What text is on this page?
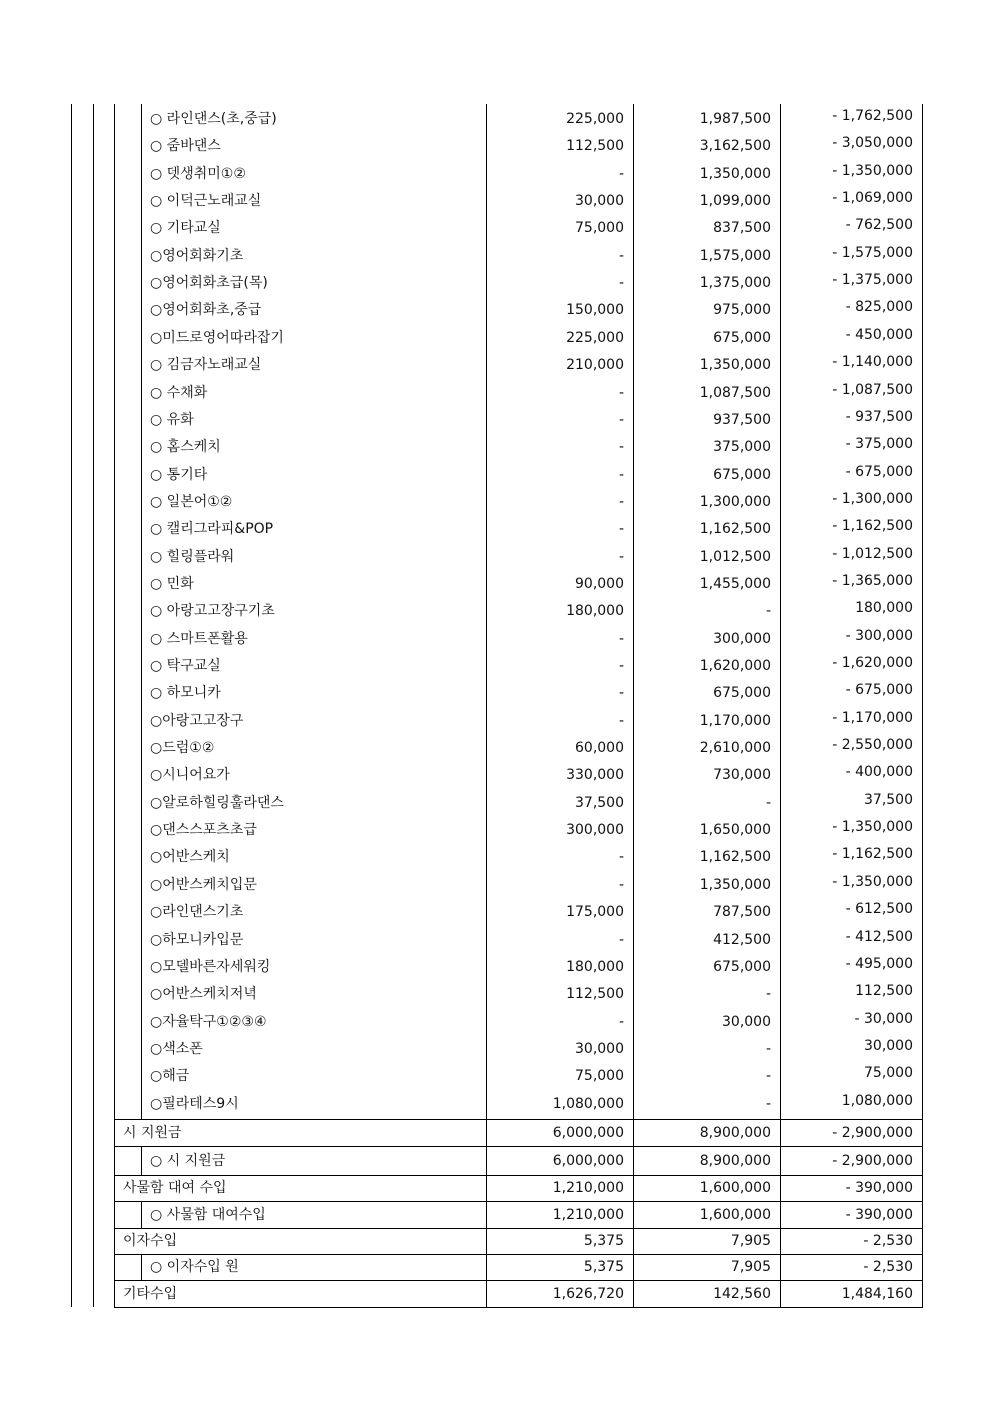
○ 라인댄스(초,중급)	225,000	1,987,500	- 1,762,500
○ 줌바댄스	112,500	3,162,500	- 3,050,000
○ 뎃생취미①②	-	1,350,000	- 1,350,000
○ 이덕근노래교실	30,000	1,099,000	- 1,069,000
○ 기타교실	75,000	837,500	- 762,500
○영어회화기초	-	1,575,000	- 1,575,000
○영어회화초급(목)	-	1,375,000	- 1,375,000
○영어회화초,중급	150,000	975,000	- 825,000
○미드로영어따라잡기	225,000	675,000	- 450,000
○ 김금자노래교실	210,000	1,350,000	- 1,140,000
○ 수채화	-	1,087,500	- 1,087,500
○ 유화	-	937,500	- 937,500
○ 홈스케치	-	375,000	- 375,000
○ 통기타	-	675,000	- 675,000
○ 일본어①②	-	1,300,000	- 1,300,000
○ 캘리그라피&POP	-	1,162,500	- 1,162,500
○ 힐링플라워	-	1,012,500	- 1,012,500
○ 민화	90,000	1,455,000	- 1,365,000
○ 아랑고고장구기초	180,000	-	180,000
○ 스마트폰활용	-	300,000	- 300,000
○ 탁구교실	-	1,620,000	- 1,620,000
○ 하모니카	-	675,000	- 675,000
○아랑고고장구	-	1,170,000	- 1,170,000
○드럼①②	60,000	2,610,000	- 2,550,000
○시니어요가	330,000	730,000	- 400,000
○알로하힐링훌라댄스	37,500	-	37,500
○댄스스포츠초급	300,000	1,650,000	- 1,350,000
○어반스케치	-	1,162,500	- 1,162,500
○어반스케치입문	-	1,350,000	- 1,350,000
○라인댄스기초	175,000	787,500	- 612,500
○하모니카입문	-	412,500	- 412,500
○모델바른자세워킹	180,000	675,000	- 495,000
○어반스케치저녁	112,500	-	112,500
○자율탁구①②③④	-	30,000	- 30,000
○색소폰	30,000	-	30,000
○해금	75,000	-	75,000
○필라테스9시	1,080,000	-	1,080,000
시 지원금	6,000,000	8,900,000	- 2,900,000
○ 시 지원금	6,000,000	8,900,000	- 2,900,000
사물함 대여 수입	1,210,000	1,600,000	- 390,000
○ 사물함 대여수입	1,210,000	1,600,000	- 390,000
이자수입	5,375	7,905	- 2,530
○ 이자수입 원	5,375	7,905	- 2,530
기타수입	1,626,720	142,560	1,484,160
